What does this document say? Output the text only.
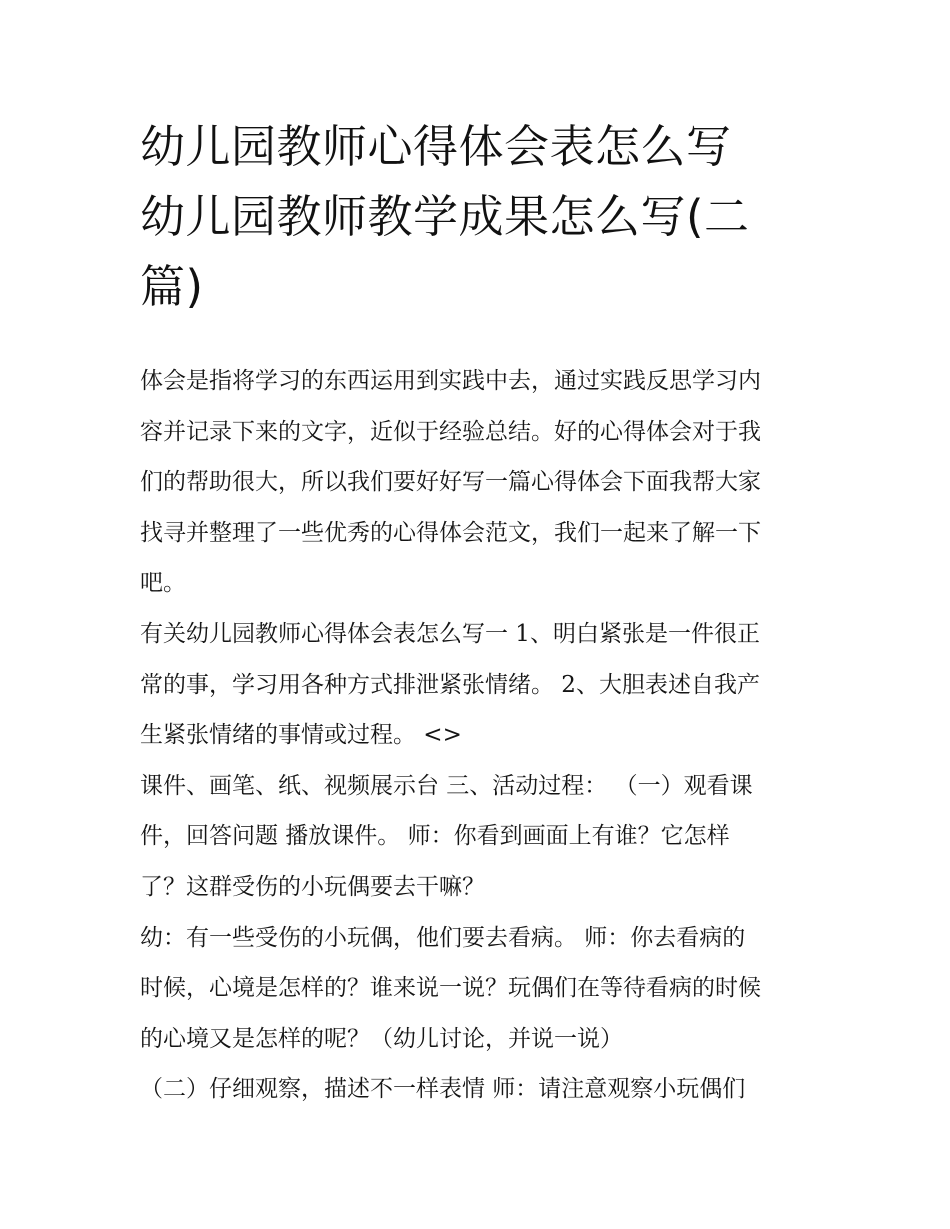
幼儿园教师心得体会表怎么写
幼儿园教师教学成果怎么写(二
篇)

体会是指将学习的东西运用到实践中去，通过实践反思学习内
容并记录下来的文字，近似于经验总结。好的心得体会对于我
们的帮助很大，所以我们要好好写一篇心得体会下面我帮大家
找寻并整理了一些优秀的心得体会范文，我们一起来了解一下
吧。

有关幼儿园教师心得体会表怎么写一 1、明白紧张是一件很正
常的事，学习用各种方式排泄紧张情绪。 2、大胆表述自我产
生紧张情绪的事情或过程。 <>

课件、画笔、纸、视频展示台 三、活动过程： （一）观看课
件，回答问题 播放课件。 师：你看到画面上有谁？它怎样
了？这群受伤的小玩偶要去干嘛？

幼：有一些受伤的小玩偶，他们要去看病。 师：你去看病的
时候，心境是怎样的？谁来说一说？玩偶们在等待看病的时候
的心境又是怎样的呢？（幼儿讨论，并说一说）

（二）仔细观察，描述不一样表情 师：请注意观察小玩偶们
